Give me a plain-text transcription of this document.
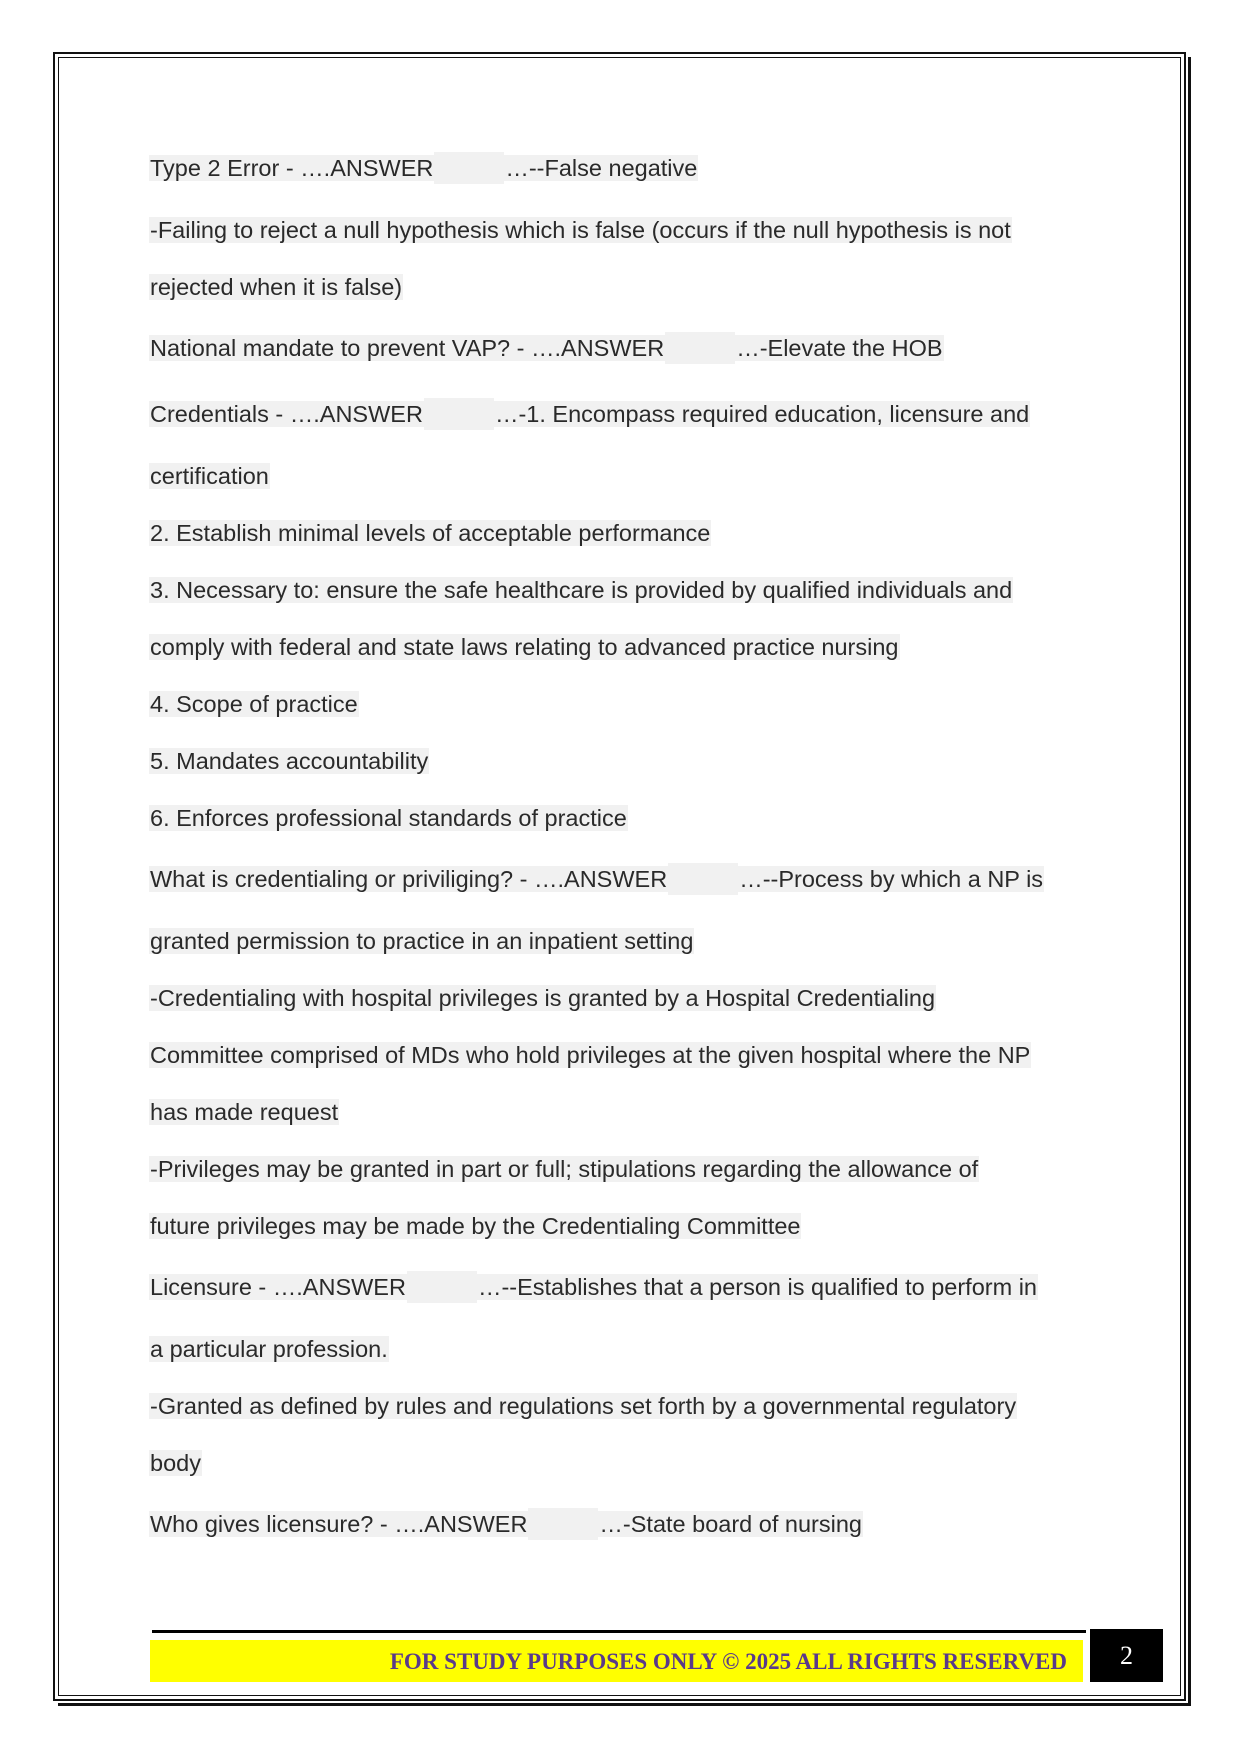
Type 2 Error - ….ANSWER	…--False negative
-Failing to reject a null hypothesis which is false (occurs if the null hypothesis is not
rejected when it is false)
National mandate to prevent VAP? - ….ANSWER	…-Elevate the HOB
Credentials - ….ANSWER	…-1. Encompass required education, licensure and
certification
2. Establish minimal levels of acceptable performance
3. Necessary to: ensure the safe healthcare is provided by qualified individuals and
comply with federal and state laws relating to advanced practice nursing
4. Scope of practice
5. Mandates accountability
6. Enforces professional standards of practice
What is credentialing or priviliging? - ….ANSWER	…--Process by which a NP is
granted permission to practice in an inpatient setting
-Credentialing with hospital privileges is granted by a Hospital Credentialing
Committee comprised of MDs who hold privileges at the given hospital where the NP
has made request
-Privileges may be granted in part or full; stipulations regarding the allowance of
future privileges may be made by the Credentialing Committee
Licensure - ….ANSWER	…--Establishes that a person is qualified to perform in
a particular profession.
-Granted as defined by rules and regulations set forth by a governmental regulatory
body
Who gives licensure? - ….ANSWER	…-State board of nursing
FOR STUDY PURPOSES ONLY © 2025 ALL RIGHTS RESERVED	2
